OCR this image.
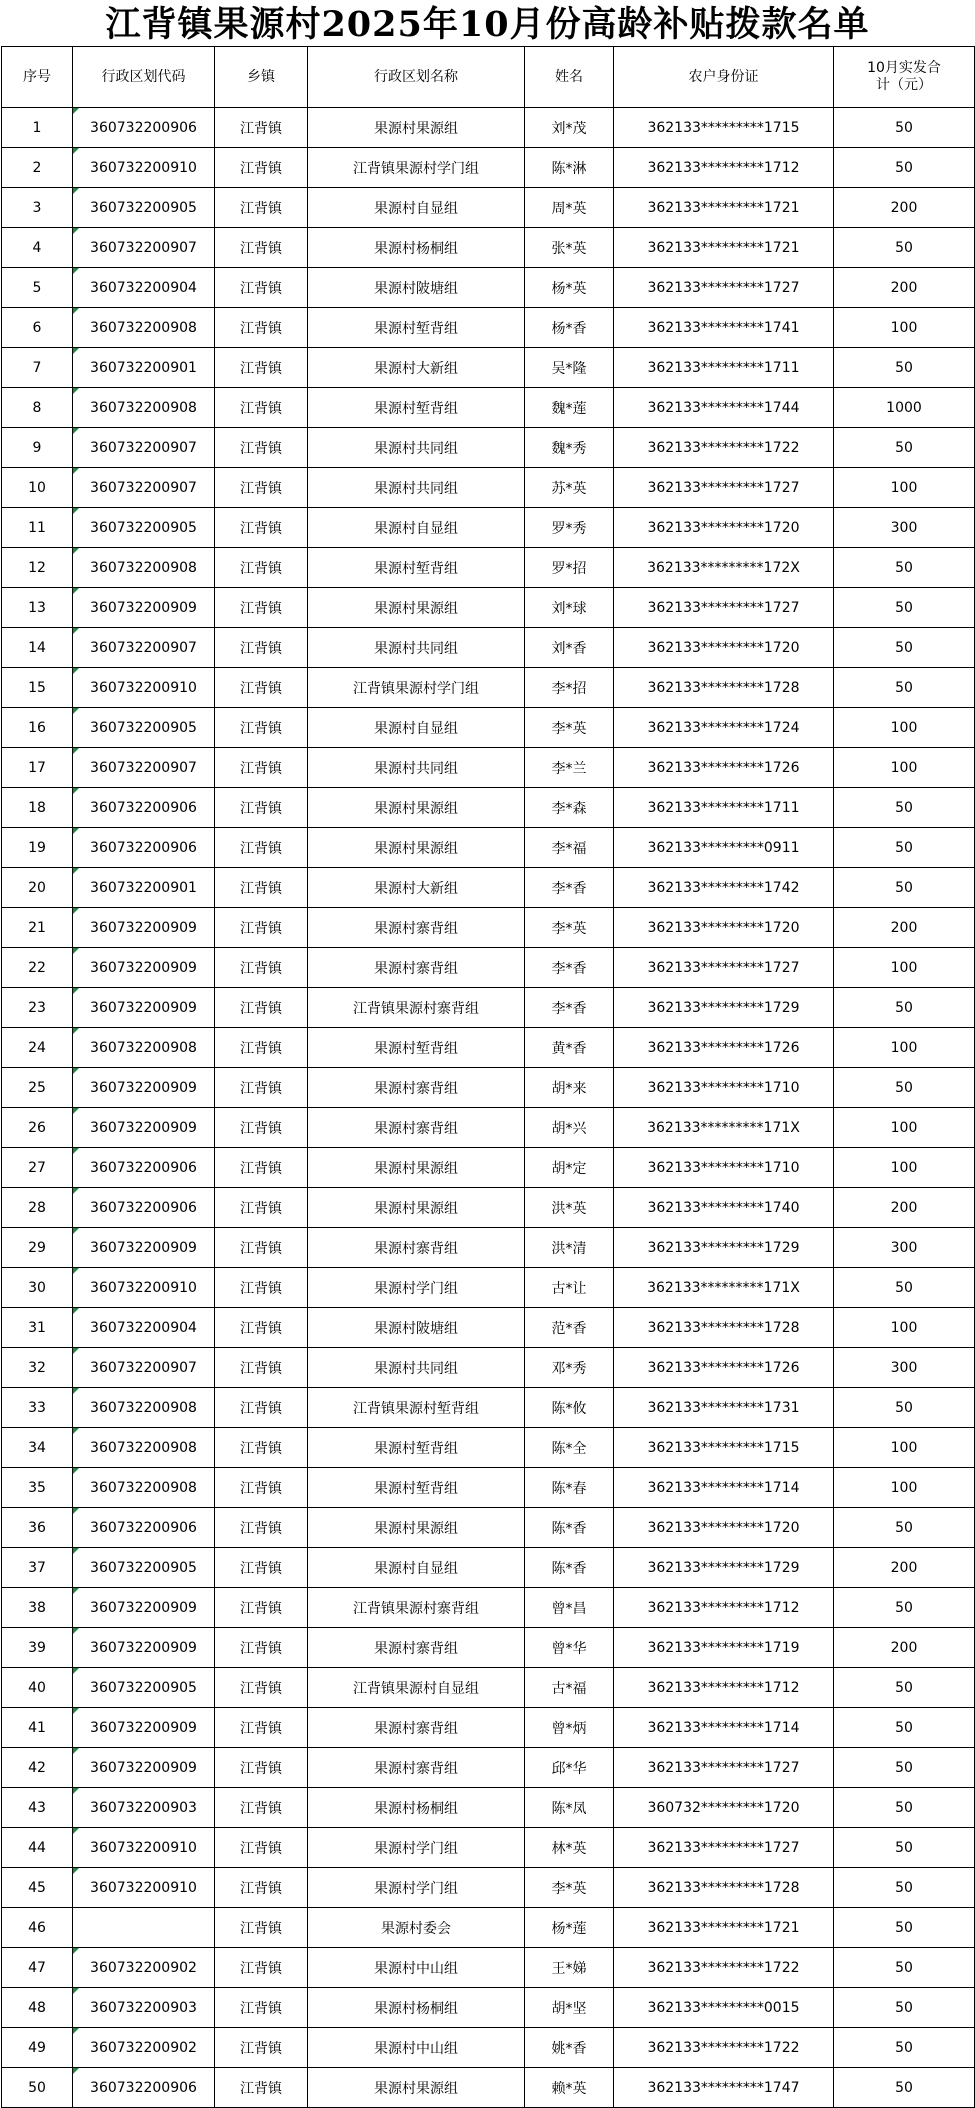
江背镇果源村2025年10月份高龄补贴拨款名单
序号	行政区划代码	乡镇	行政区划名称	姓名	农户身份证	10月实发合计（元）

1	360732200906	江背镇	果源村果源组	刘*茂	362133*********1715	50
2	360732200910	江背镇	江背镇果源村学门组	陈*淋	362133*********1712	50
3	360732200905	江背镇	果源村自显组	周*英	362133*********1721	200
4	360732200907	江背镇	果源村杨桐组	张*英	362133*********1721	50
5	360732200904	江背镇	果源村陂塘组	杨*英	362133*********1727	200
6	360732200908	江背镇	果源村堑背组	杨*香	362133*********1741	100
7	360732200901	江背镇	果源村大新组	吴*隆	362133*********1711	50
8	360732200908	江背镇	果源村堑背组	魏*莲	362133*********1744	1000
9	360732200907	江背镇	果源村共同组	魏*秀	362133*********1722	50
10	360732200907	江背镇	果源村共同组	苏*英	362133*********1727	100
11	360732200905	江背镇	果源村自显组	罗*秀	362133*********1720	300
12	360732200908	江背镇	果源村堑背组	罗*招	362133*********172X	50
13	360732200909	江背镇	果源村果源组	刘*球	362133*********1727	50
14	360732200907	江背镇	果源村共同组	刘*香	362133*********1720	50
15	360732200910	江背镇	江背镇果源村学门组	李*招	362133*********1728	50
16	360732200905	江背镇	果源村自显组	李*英	362133*********1724	100
17	360732200907	江背镇	果源村共同组	李*兰	362133*********1726	100
18	360732200906	江背镇	果源村果源组	李*森	362133*********1711	50
19	360732200906	江背镇	果源村果源组	李*福	362133*********0911	50
20	360732200901	江背镇	果源村大新组	李*香	362133*********1742	50
21	360732200909	江背镇	果源村寨背组	李*英	362133*********1720	200
22	360732200909	江背镇	果源村寨背组	李*香	362133*********1727	100
23	360732200909	江背镇	江背镇果源村寨背组	李*香	362133*********1729	50
24	360732200908	江背镇	果源村堑背组	黄*香	362133*********1726	100
25	360732200909	江背镇	果源村寨背组	胡*来	362133*********1710	50
26	360732200909	江背镇	果源村寨背组	胡*兴	362133*********171X	100
27	360732200906	江背镇	果源村果源组	胡*定	362133*********1710	100
28	360732200906	江背镇	果源村果源组	洪*英	362133*********1740	200
29	360732200909	江背镇	果源村寨背组	洪*清	362133*********1729	300
30	360732200910	江背镇	果源村学门组	古*让	362133*********171X	50
31	360732200904	江背镇	果源村陂塘组	范*香	362133*********1728	100
32	360732200907	江背镇	果源村共同组	邓*秀	362133*********1726	300
33	360732200908	江背镇	江背镇果源村堑背组	陈*攸	362133*********1731	50
34	360732200908	江背镇	果源村堑背组	陈*全	362133*********1715	100
35	360732200908	江背镇	果源村堑背组	陈*春	362133*********1714	100
36	360732200906	江背镇	果源村果源组	陈*香	362133*********1720	50
37	360732200905	江背镇	果源村自显组	陈*香	362133*********1729	200
38	360732200909	江背镇	江背镇果源村寨背组	曾*昌	362133*********1712	50
39	360732200909	江背镇	果源村寨背组	曾*华	362133*********1719	200
40	360732200905	江背镇	江背镇果源村自显组	古*福	362133*********1712	50
41	360732200909	江背镇	果源村寨背组	曾*炳	362133*********1714	50
42	360732200909	江背镇	果源村寨背组	邱*华	362133*********1727	50
43	360732200903	江背镇	果源村杨桐组	陈*凤	360732*********1720	50
44	360732200910	江背镇	果源村学门组	林*英	362133*********1727	50
45	360732200910	江背镇	果源村学门组	李*英	362133*********1728	50
46		江背镇	果源村委会	杨*莲	362133*********1721	50
47	360732200902	江背镇	果源村中山组	王*娣	362133*********1722	50
48	360732200903	江背镇	果源村杨桐组	胡*坚	362133*********0015	50
49	360732200902	江背镇	果源村中山组	姚*香	362133*********1722	50
50	360732200906	江背镇	果源村果源组	赖*英	362133*********1747	50
